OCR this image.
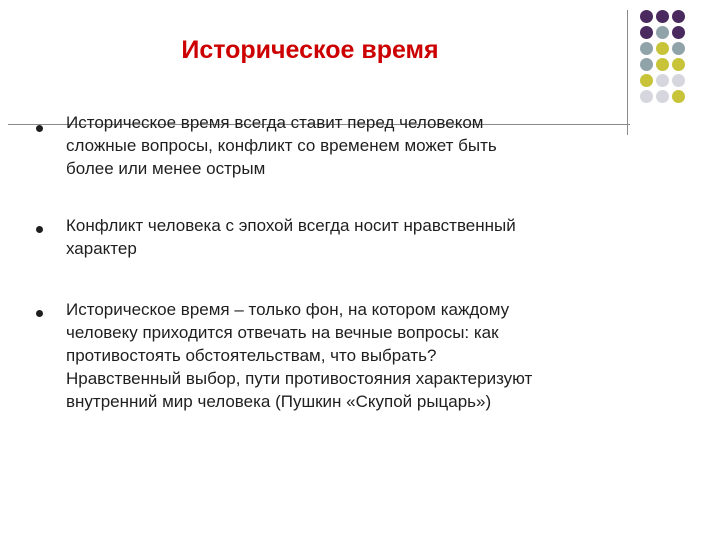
Историческое время

Историческое время всегда ставит перед человеком
сложные вопросы, конфликт со временем может быть
более или менее острым

Конфликт человека с эпохой всегда носит нравственный
характер

Историческое время – только фон, на котором каждому
человеку приходится отвечать на вечные вопросы: как
противостоять обстоятельствам, что выбрать?
Нравственный выбор, пути противостояния характеризуют
внутренний мир человека (Пушкин «Скупой рыцарь»)
